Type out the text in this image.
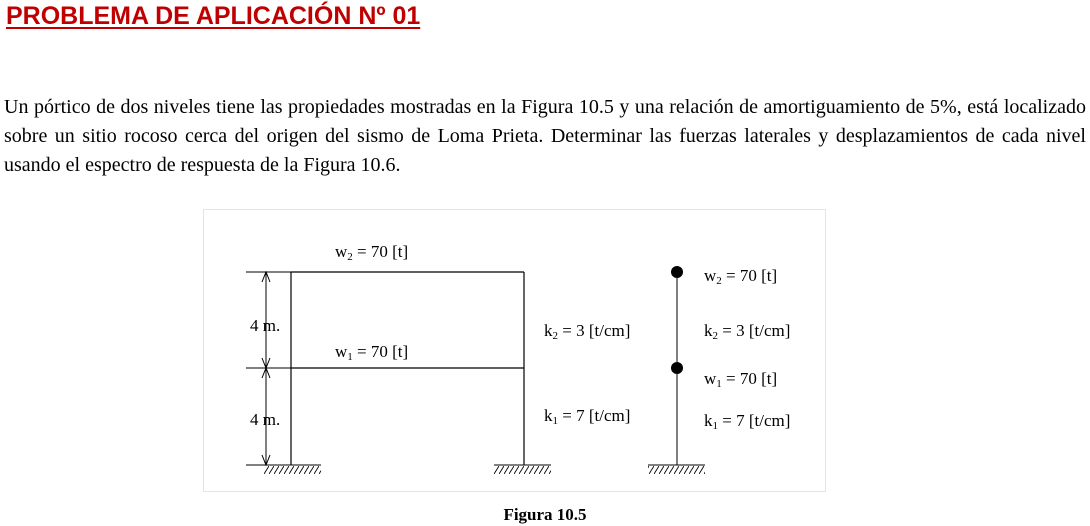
PROBLEMA DE APLICACIÓN Nº 01
Un pórtico de dos niveles tiene las propiedades mostradas en la Figura 10.5 y una relación de amortiguamiento de 5%, está localizado sobre un sitio rocoso cerca del origen del sismo de Loma Prieta. Determinar las fuerzas laterales y desplazamientos de cada nivel usando el espectro de respuesta de la Figura 10.6.
$w_2 = 70$ [t]
$w_1 = 70$ [t]
4 m.
4 m.
$k_2 = 3$ [t/cm]
$k_1 = 7$ [t/cm]
$w_2 = 70$ [t]
$k_2 = 3$ [t/cm]
$w_1 = 70$ [t]
$k_1 = 7$ [t/cm]
Figura 10.5
